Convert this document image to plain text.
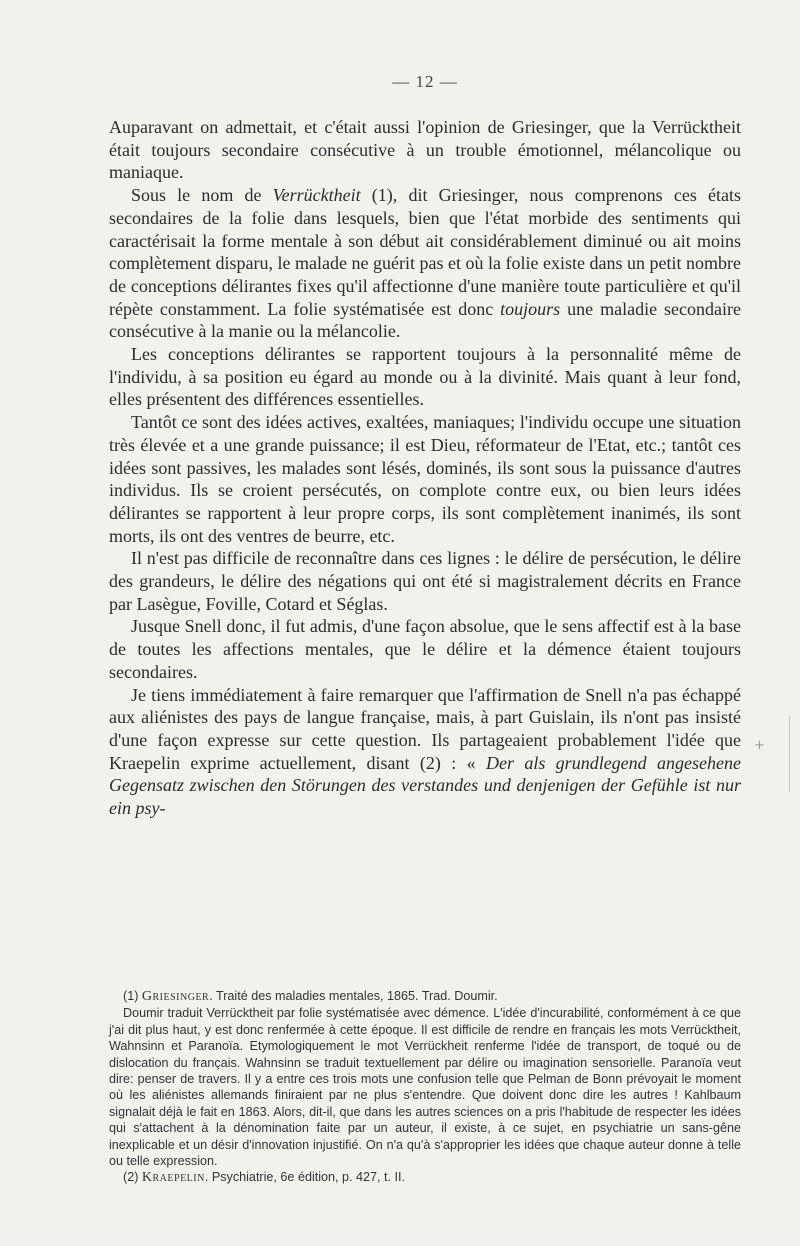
— 12 —

Auparavant on admettait, et c'était aussi l'opinion de Griesinger, que la Verrücktheit était toujours secondaire consécutive à un trouble émotionnel, mélancolique ou maniaque.

Sous le nom de Verrücktheit (1), dit Griesinger, nous comprenons ces états secondaires de la folie dans lesquels, bien que l'état morbide des sentiments qui caractérisait la forme mentale à son début ait considérablement diminué ou ait moins complètement disparu, le malade ne guérit pas et où la folie existe dans un petit nombre de conceptions délirantes fixes qu'il affectionne d'une manière toute particulière et qu'il répète constamment. La folie systématisée est donc toujours une maladie secondaire consécutive à la manie ou la mélancolie.

Les conceptions délirantes se rapportent toujours à la personnalité même de l'individu, à sa position eu égard au monde ou à la divinité. Mais quant à leur fond, elles présentent des différences essentielles.

Tantôt ce sont des idées actives, exaltées, maniaques; l'individu occupe une situation très élevée et a une grande puissance; il est Dieu, réformateur de l'Etat, etc.; tantôt ces idées sont passives, les malades sont lésés, dominés, ils sont sous la puissance d'autres individus. Ils se croient persécutés, on complote contre eux, ou bien leurs idées délirantes se rapportent à leur propre corps, ils sont complètement inanimés, ils sont morts, ils ont des ventres de beurre, etc.

Il n'est pas difficile de reconnaître dans ces lignes : le délire de persécution, le délire des grandeurs, le délire des négations qui ont été si magistralement décrits en France par Lasègue, Foville, Cotard et Séglas.

Jusque Snell donc, il fut admis, d'une façon absolue, que le sens affectif est à la base de toutes les affections mentales, que le délire et la démence étaient toujours secondaires.

Je tiens immédiatement à faire remarquer que l'affirmation de Snell n'a pas échappé aux aliénistes des pays de langue française, mais, à part Guislain, ils n'ont pas insisté d'une façon expresse sur cette question. Ils partageaient probablement l'idée que Kraepelin exprime actuellement, disant (2) : « Der als grundlegend angesehene Gegensatz zwischen den Störungen des verstandes und denjenigen der Gefühle ist nur ein psy-

(1) Griesinger. Traité des maladies mentales, 1865. Trad. Doumir.

Doumir traduit Verrücktheit par folie systématisée avec démence. L'idée d'incurabilité, conformément à ce que j'ai dit plus haut, y est donc renfermée à cette époque. Il est difficile de rendre en français les mots Verrücktheit, Wahnsinn et Paranoïa. Etymologiquement le mot Verrückheit renferme l'idée de transport, de toqué ou de dislocation du français. Wahnsinn se traduit textuellement par délire ou imagination sensorielle. Paranoïa veut dire: penser de travers. Il y a entre ces trois mots une confusion telle que Pelman de Bonn prévoyait le moment où les aliénistes allemands finiraient par ne plus s'entendre. Que doivent donc dire les autres ! Kahlbaum signalait déjà le fait en 1863. Alors, dit-il, que dans les autres sciences on a pris l'habitude de respecter les idées qui s'attachent à la dénomination faite par un auteur, il existe, à ce sujet, en psychiatrie un sans-gêne inexplicable et un désir d'innovation injustifié. On n'a qu'à s'approprier les idées que chaque auteur donne à telle ou telle expression.

(2) Kraepelin. Psychiatrie, 6e édition, p. 427, t. II.

+
